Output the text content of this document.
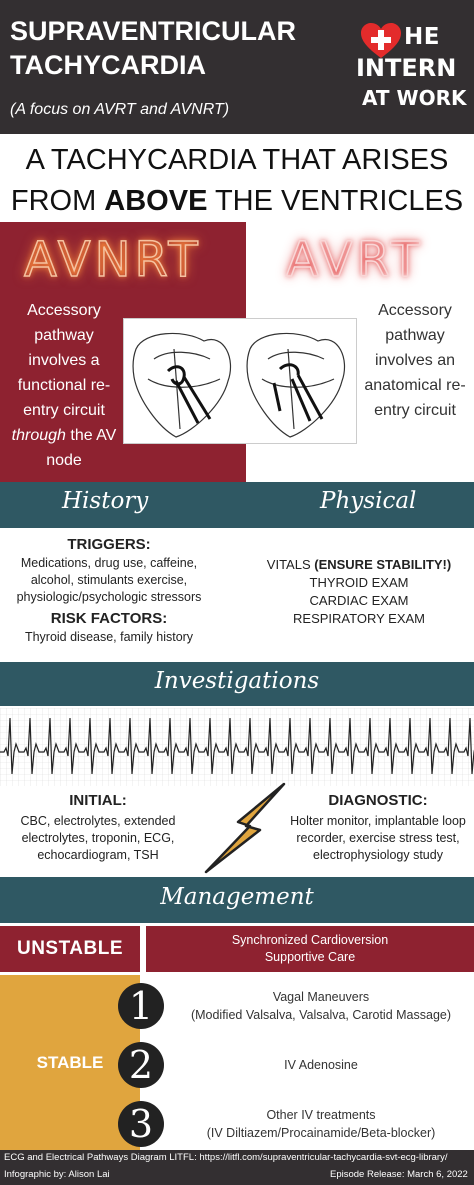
SUPRAVENTRICULAR
TACHYCARDIA
(A focus on AVRT and AVNRT)
HE
INTERN
AT WORK
A TACHYCARDIA THAT ARISES
FROM ABOVE THE VENTRICLES
AVNRT AVRT
Accessory pathway involves a functional re-entry circuit through the AV node
Accessory pathway involves an anatomical re-entry circuit
History	Physical
TRIGGERS:
Medications, drug use, caffeine,
alcohol, stimulants exercise,
physiologic/psychologic stressors
RISK FACTORS:
Thyroid disease, family history
VITALS (ENSURE STABILITY!)
THYROID EXAM
CARDIAC EXAM
RESPIRATORY EXAM
Investigations
INITIAL:
CBC, electrolytes, extended
electrolytes, troponin, ECG,
echocardiogram, TSH
DIAGNOSTIC:
Holter monitor, implantable loop
recorder, exercise stress test,
electrophysiology study
Management
UNSTABLE	Synchronized Cardioversion
Supportive Care
STABLE
1	Vagal Maneuvers
(Modified Valsalva, Valsalva, Carotid Massage)
2	IV Adenosine
3	Other IV treatments
(IV Diltiazem/Procainamide/Beta-blocker)
ECG and Electrical Pathways Diagram LITFL: https://litfl.com/supraventricular-tachycardia-svt-ecg-library/
Infographic by: Alison Lai	Episode Release: March 6, 2022
